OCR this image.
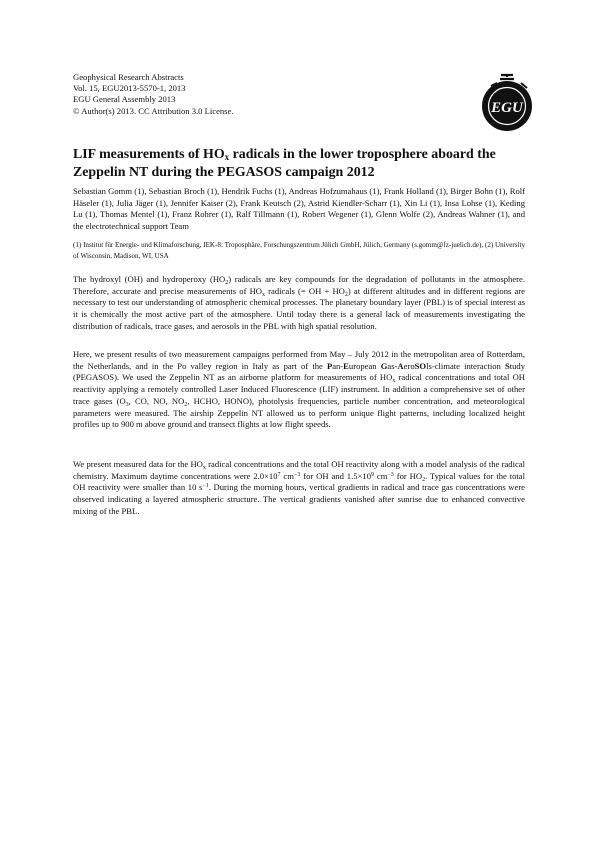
Geophysical Research Abstracts
Vol. 15, EGU2013-5570-1, 2013
EGU General Assembly 2013
© Author(s) 2013. CC Attribution 3.0 License.	EGU
LIF measurements of $HO_x$ radicals in the lower troposphere aboard the Zeppelin NT during the PEGASOS campaign 2012
Sebastian Gomm (1), Sebastian Broch (1), Hendrik Fuchs (1), Andreas Hofzumahaus (1), Frank Holland (1), Birger Bohn (1), Rolf Häseler (1), Julia Jäger (1), Jennifer Kaiser (2), Frank Keutsch (2), Astrid Kiendler-Scharr (1), Xin Li (1), Insa Lohse (1), Keding Lu (1), Thomas Mentel (1), Franz Rohrer (1), Ralf Tillmann (1), Robert Wegener (1), Glenn Wolfe (2), Andreas Wahner (1), and the electrotechnical support Team
(1) Institut für Energie- und Klimaforschung, IEK-8: Troposphäre, Forschungszentrum Jülich GmbH, Jülich, Germany (s.gomm@fz-juelich.de), (2) University of Wisconsin, Madison, WI, USA

The hydroxyl (OH) and hydroperoxy $(HO_2)$ radicals are key compounds for the degradation of pollutants in the atmosphere. Therefore, accurate and precise measurements of $HO_x$ radicals (= OH + $HO_2$) at different altitudes and in different regions are necessary to test our understanding of atmospheric chemical processes. The planetary boundary layer (PBL) is of special interest as it is chemically the most active part of the atmosphere. Until today there is a general lack of measurements investigating the distribution of radicals, trace gases, and aerosols in the PBL with high spatial resolution.

Here, we present results of two measurement campaigns performed from May – July 2012 in the metropolitan area of Rotterdam, the Netherlands, and in the Po valley region in Italy as part of the Pan-European Gas-AeroSOls-climate interaction Study (PEGASOS). We used the Zeppelin NT as an airborne platform for measurements of $HO_x$ radical concentrations and total OH reactivity applying a remotely controlled Laser Induced Fluorescence (LIF) instrument. In addition a comprehensive set of other trace gases ($O_3$, CO, NO, $NO_2$, HCHO, HONO), photolysis frequencies, particle number concentration, and meteorological parameters were measured. The airship Zeppelin NT allowed us to perform unique flight patterns, including localized height profiles up to 900 m above ground and transect flights at low flight speeds.

We present measured data for the $HO_x$ radical concentrations and the total OH reactivity along with a model analysis of the radical chemistry. Maximum daytime concentrations were $2.0\times 10^7$ $cm^{-3}$ for OH and $1.5\times 10^9$ $cm^{-3}$ for $HO_2$. Typical values for the total OH reactivity were smaller than 10 $s^{-1}$. During the morning hours, vertical gradients in radical and trace gas concentrations were observed indicating a layered atmospheric structure. The vertical gradients vanished after sunrise due to enhanced convective mixing of the PBL.
